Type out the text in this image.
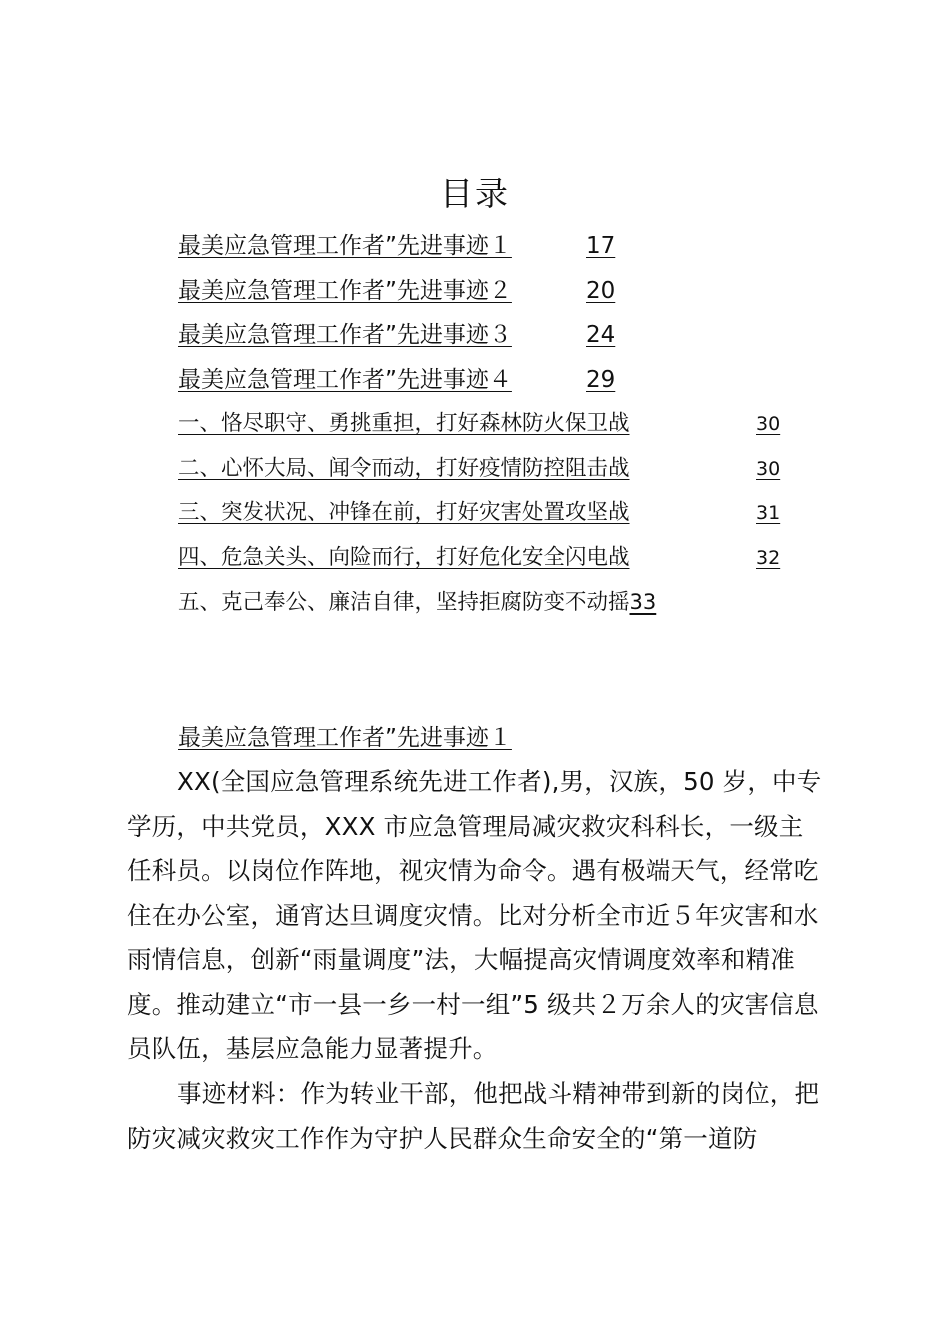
目录
最美应急管理工作者”先进事迹１	17
最美应急管理工作者”先进事迹２	20
最美应急管理工作者”先进事迹３	24
最美应急管理工作者”先进事迹４	29
一、恪尽职守、勇挑重担，打好森林防火保卫战	30
二、心怀大局、闻令而动，打好疫情防控阻击战	30
三、突发状况、冲锋在前，打好灾害处置攻坚战	31
四、危急关头、向险而行，打好危化安全闪电战	32
五、克己奉公、廉洁自律，坚持拒腐防变不动摇 33
最美应急管理工作者”先进事迹１

XX(全国应急管理系统先进工作者),男，汉族，50 岁，中专学历，中共党员，XXX 市应急管理局减灾救灾科科长，一级主任科员。以岗位作阵地，视灾情为命令。遇有极端天气，经常吃住在办公室，通宵达旦调度灾情。比对分析全市近５年灾害和水雨情信息，创新“雨量调度”法，大幅提高灾情调度效率和精准度。推动建立“市一县一乡一村一组”5 级共２万余人的灾害信息员队伍，基层应急能力显著提升。

事迹材料：作为转业干部，他把战斗精神带到新的岗位，把防灾减灾救灾工作作为守护人民群众生命安全的“第一道防
